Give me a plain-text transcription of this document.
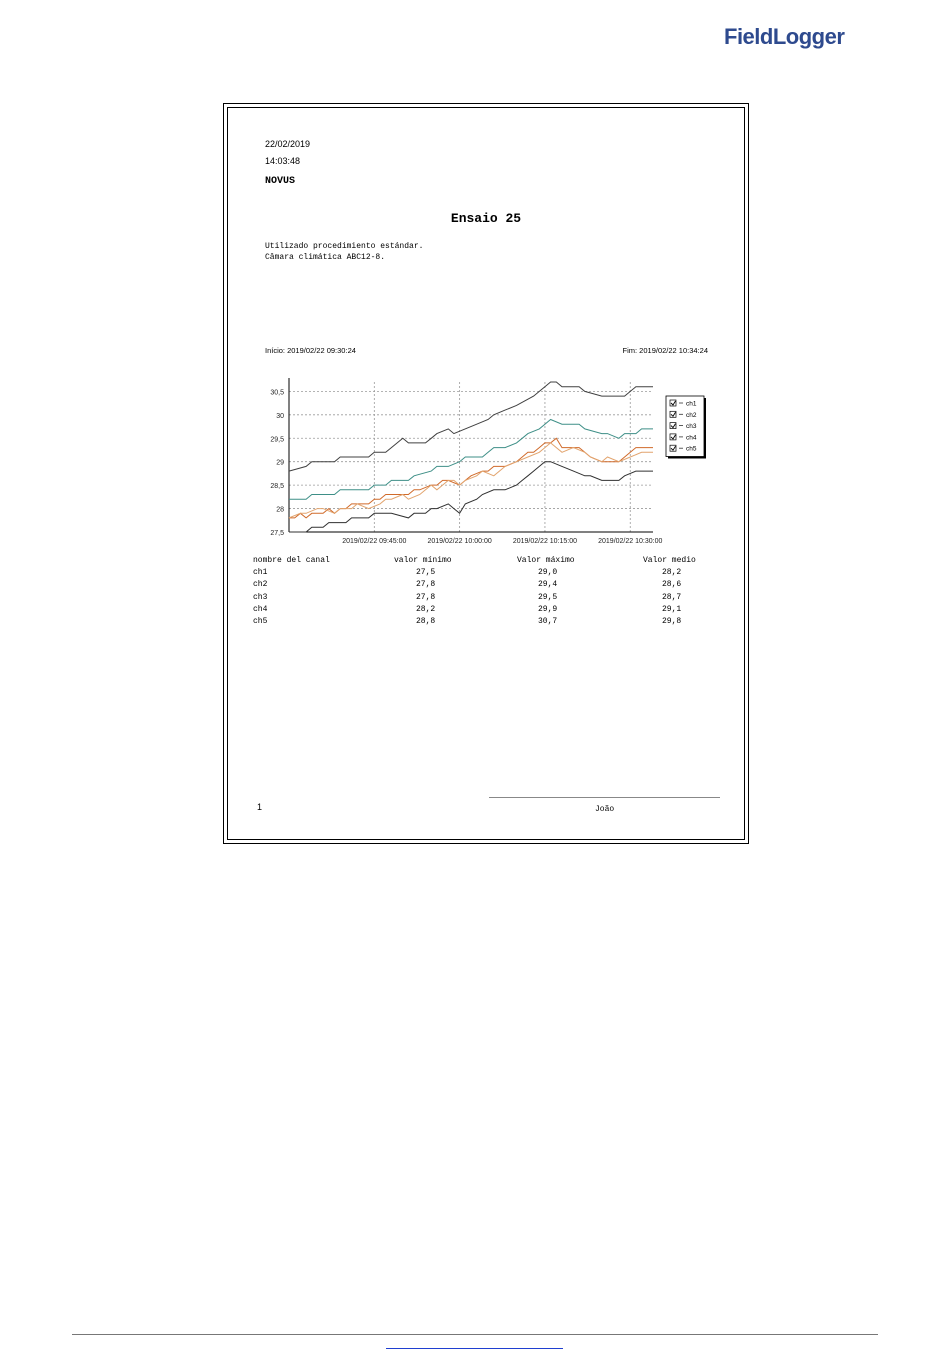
FieldLogger
22/02/2019
14:03:48
NOVUS
Ensaio 25
Utilizado procedimiento estándar.
Câmara climática ABC12-8.
Início: 2019/02/22 09:30:24	Fim: 2019/02/22 10:34:24
30,5
30
29,5
29
28,5
28
27,5
2019/02/22 09:45:00	2019/02/22 10:00:00	2019/02/22 10:15:00	2019/02/22 10:30:00
ch1
ch2
ch3
ch4
ch5
nombre del canal	valor mínimo	Valor máximo	Valor medio
ch1	27,5	29,0	28,2
ch2	27,8	29,4	28,6
ch3	27,8	29,5	28,7
ch4	28,2	29,9	29,1
ch5	28,8	30,7	29,8
1	João
